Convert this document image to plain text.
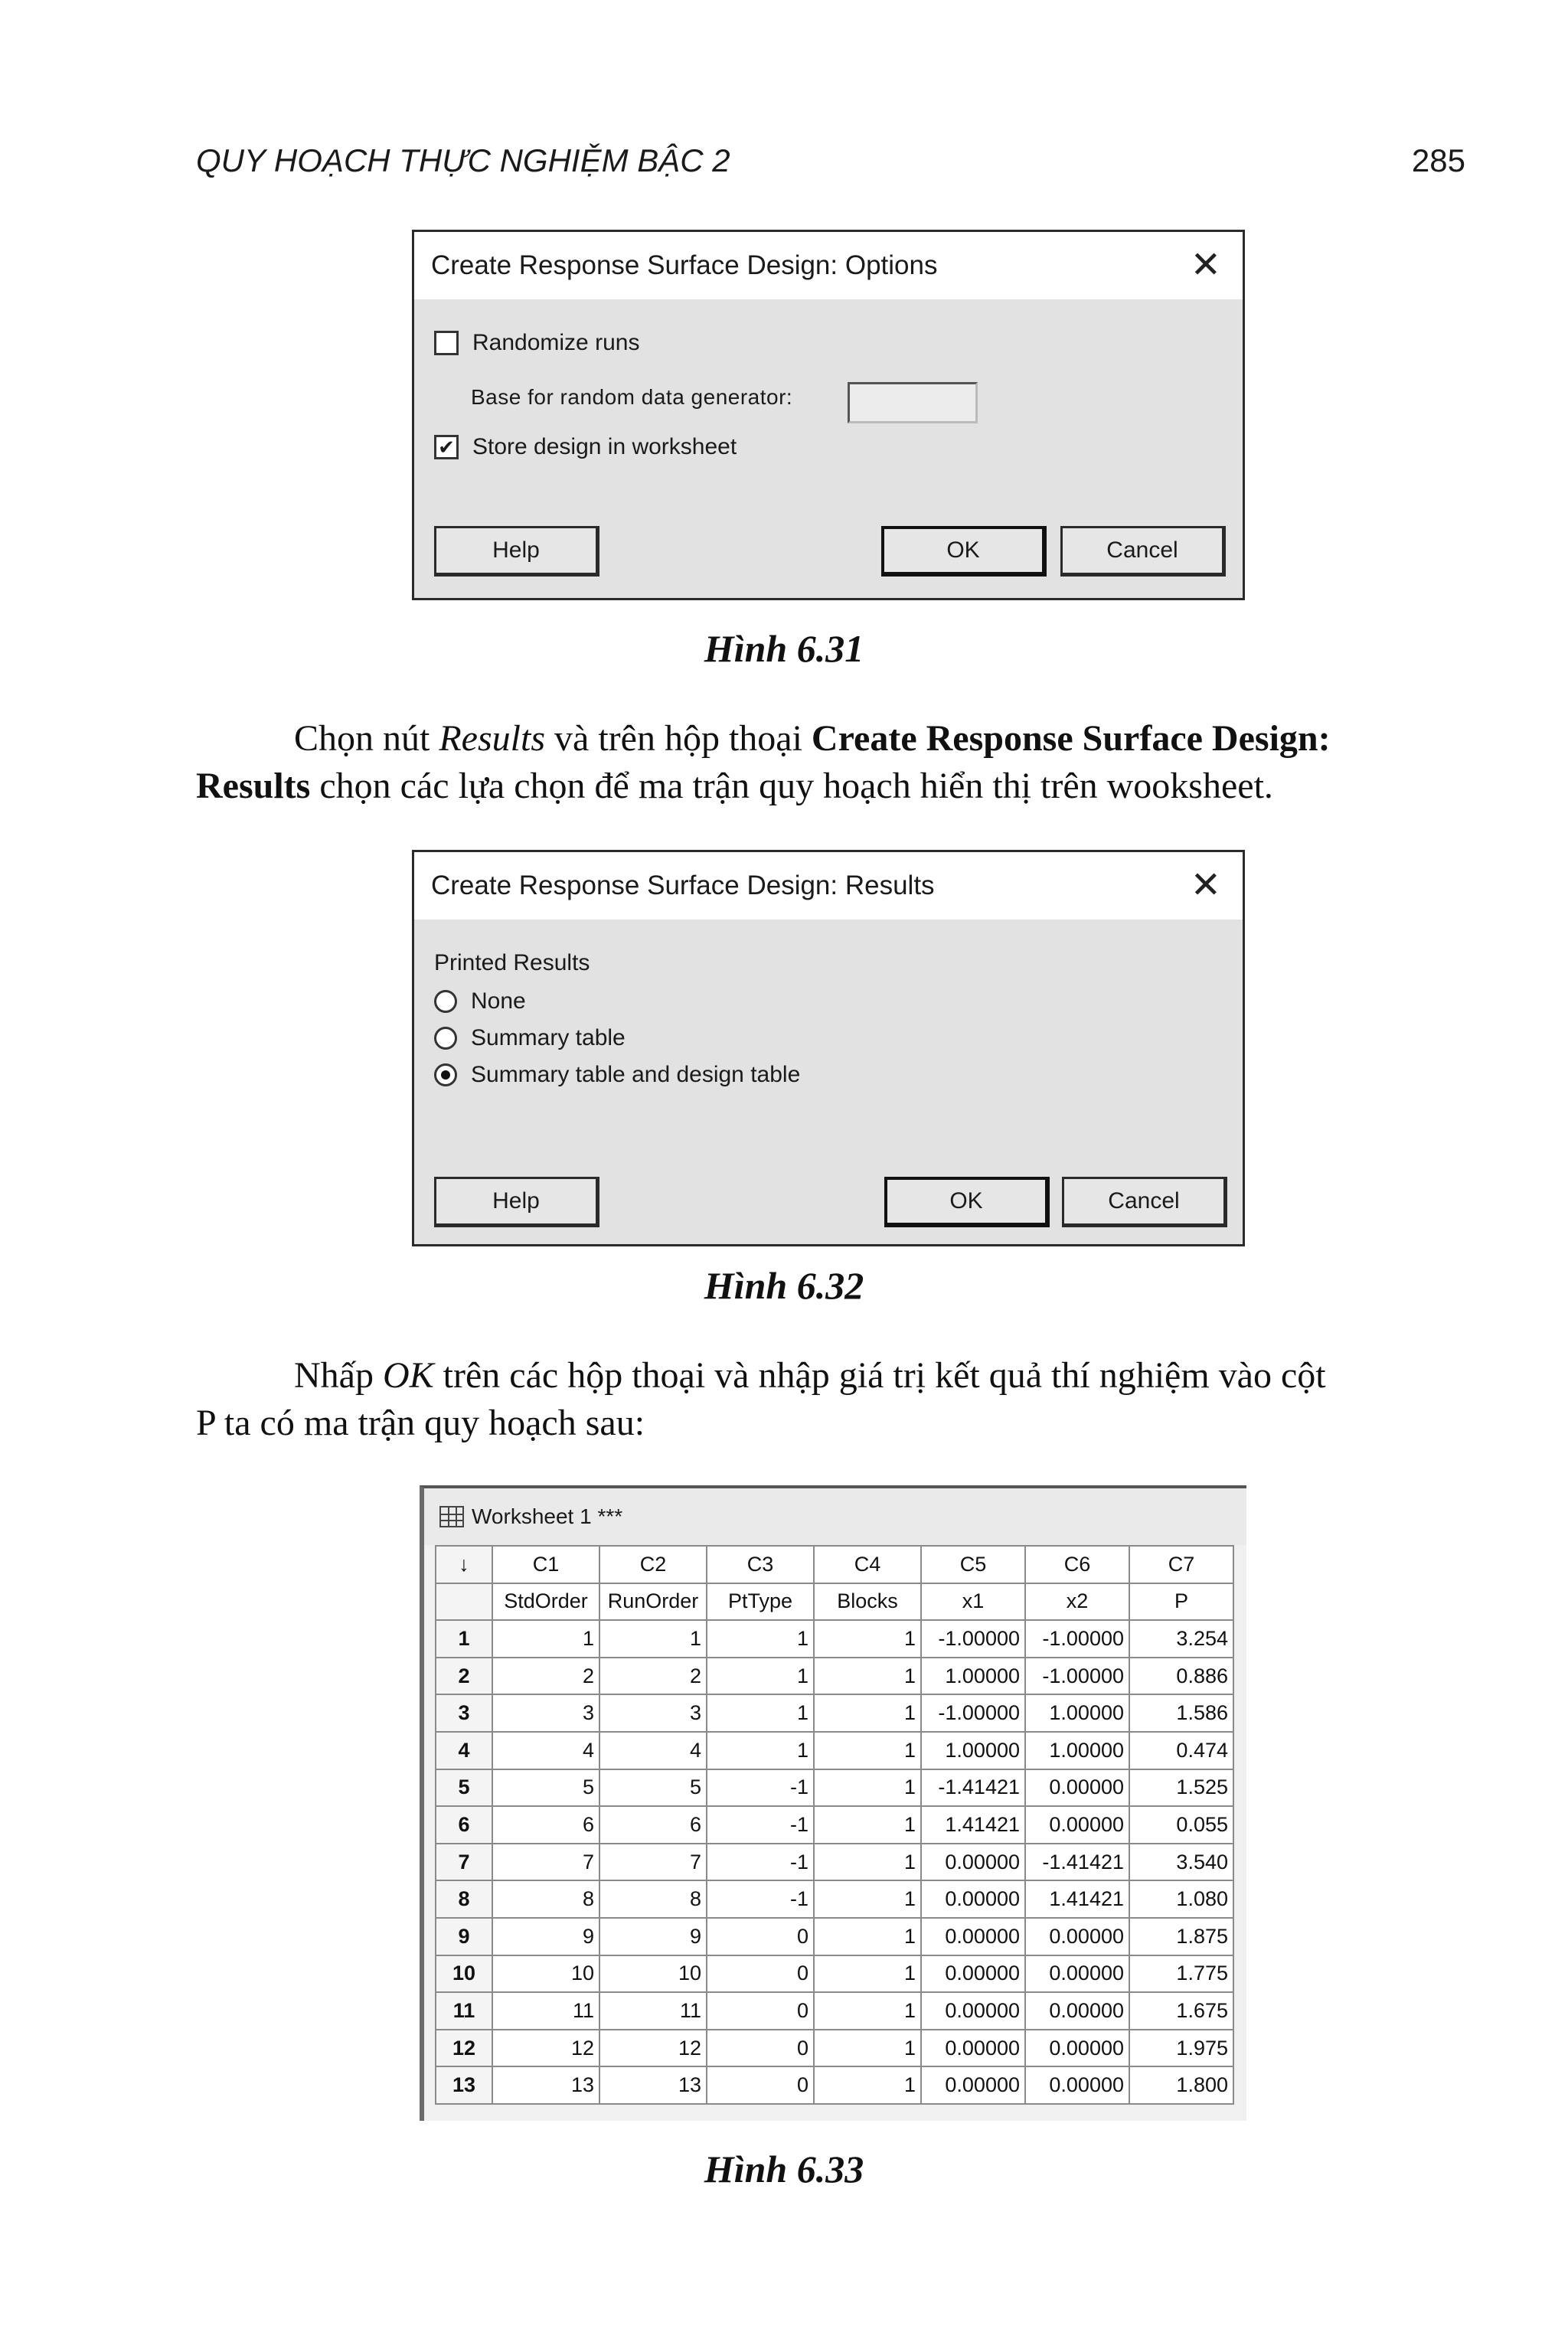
QUY HOẠCH THỰC NGHIỆM BẬC 2	285
Create Response Surface Design: Options	✕
Randomize runs
Base for random data generator:
✔ Store design in worksheet
Help	OK	Cancel
Hình 6.31
Chọn nút Results và trên hộp thoại Create Response Surface Design:
Results chọn các lựa chọn để ma trận quy hoạch hiển thị trên wooksheet.
Create Response Surface Design: Results	✕
Printed Results
None
Summary table
Summary table and design table
Help	OK	Cancel
Hình 6.32
Nhấp OK trên các hộp thoại và nhập giá trị kết quả thí nghiệm vào cột
P ta có ma trận quy hoạch sau:
Worksheet 1 ***
↓	C1	C2	C3	C4	C5	C6	C7
	StdOrder	RunOrder	PtType	Blocks	x1	x2	P
1	1	1	1	1	-1.00000	-1.00000	3.254
2	2	2	1	1	1.00000	-1.00000	0.886
3	3	3	1	1	-1.00000	1.00000	1.586
4	4	4	1	1	1.00000	1.00000	0.474
5	5	5	-1	1	-1.41421	0.00000	1.525
6	6	6	-1	1	1.41421	0.00000	0.055
7	7	7	-1	1	0.00000	-1.41421	3.540
8	8	8	-1	1	0.00000	1.41421	1.080
9	9	9	0	1	0.00000	0.00000	1.875
10	10	10	0	1	0.00000	0.00000	1.775
11	11	11	0	1	0.00000	0.00000	1.675
12	12	12	0	1	0.00000	0.00000	1.975
13	13	13	0	1	0.00000	0.00000	1.800
Hình 6.33
